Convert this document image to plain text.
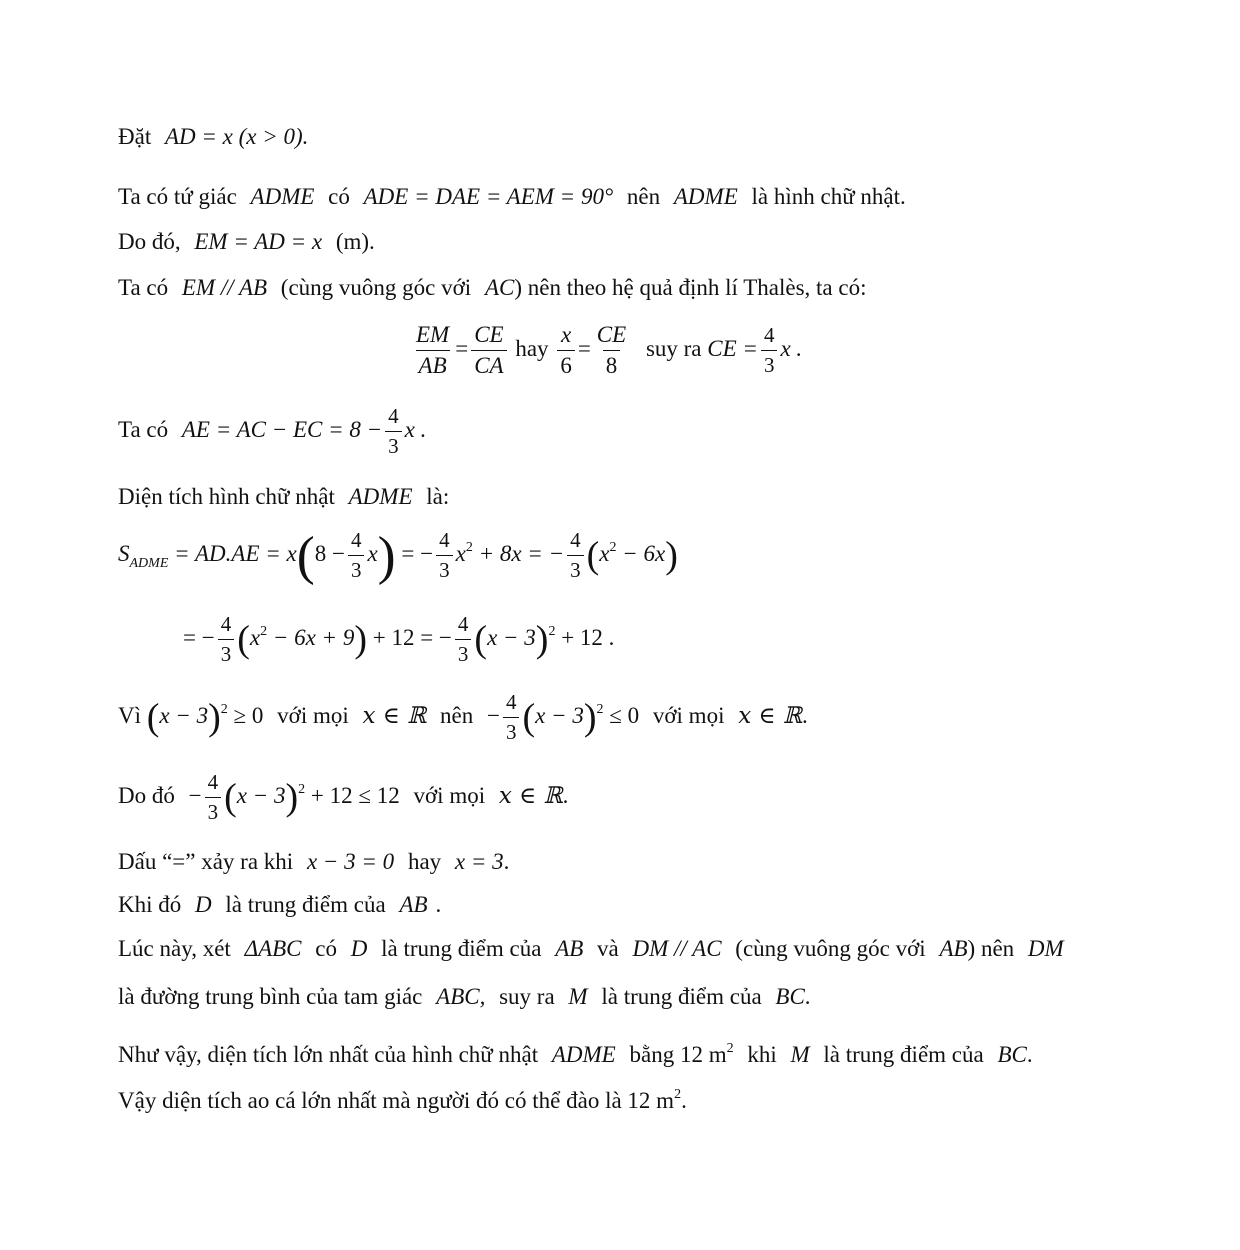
Đặt AD = x (x > 0).
Ta có tứ giác ADME có ADE = DAE = AEM = 90° nên ADME là hình chữ nhật.
Do đó, EM = AD = x (m).
Ta có EM // AB (cùng vuông góc với AC) nên theo hệ quả định lí Thalès, ta có:
$\frac{EM}{AB} = \frac{CE}{CA}$ hay $\frac{x}{6} = \frac{CE}{8}$ suy ra CE = $\frac{4}{3}$ x .
Ta có AE = AC − EC = $8 - \frac{4}{3}$ x .
Diện tích hình chữ nhật ADME là:
$S_{ADME} = AD.AE = x(8 - \frac{4}{3} x)$ = − $\frac{4}{3} x^2 + 8x$ = − $\frac{4}{3} (x^2 - 6x)$
= − $\frac{4}{3} (x^2 - 6x + 9) + 12$ = − $\frac{4}{3} (x - 3)^2 + 12$ .
Vì $(x - 3)^2 \ge 0$ với mọi x ∈ ℝ nên − $\frac{4}{3} (x - 3)^2 \le 0$ với mọi x ∈ ℝ.
Do đó − $\frac{4}{3} (x - 3)^2 + 12 \le 12$ với mọi x ∈ ℝ.
Dấu “=” xảy ra khi x − 3 = 0 hay x = 3.
Khi đó D là trung điểm của AB .
Lúc này, xét ΔABC có D là trung điểm của AB và DM // AC (cùng vuông góc với AB) nên DM
là đường trung bình của tam giác ABC, suy ra M là trung điểm của BC.
Như vậy, diện tích lớn nhất của hình chữ nhật ADME bằng 12 $m^2$ khi M là trung điểm của BC.
Vậy diện tích ao cá lớn nhất mà người đó có thể đào là 12 $m^2$.
